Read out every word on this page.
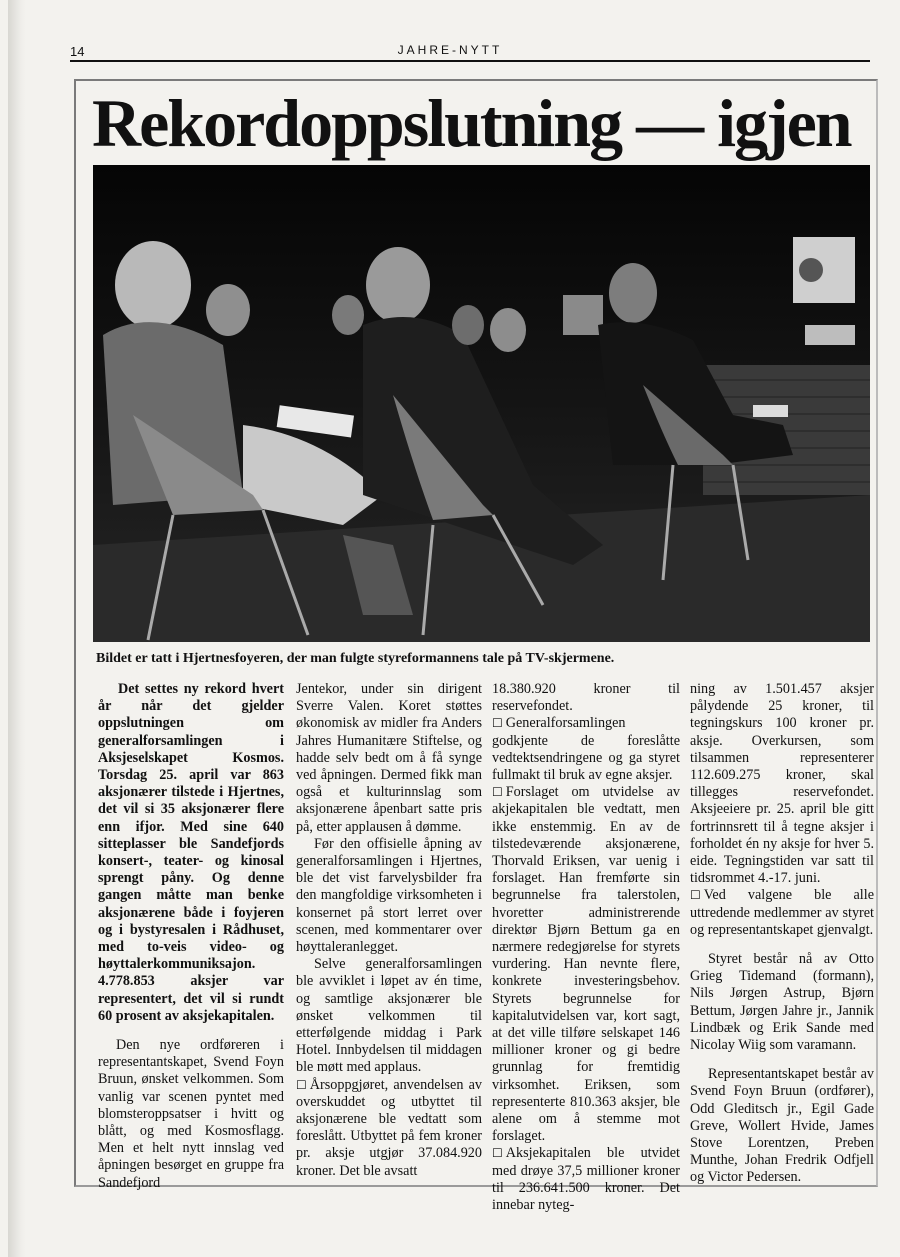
14	JAHRE-NYTT
Rekordoppslutning — igjen
Bildet er tatt i Hjertnesfoyeren, der man fulgte styreformannens tale på TV-skjermene.

Det settes ny rekord hvert år når det gjelder oppslutningen om generalforsamlingen i Aksjeselskapet Kosmos. Torsdag 25. april var 863 aksjonærer tilstede i Hjertnes, det vil si 35 aksjonærer flere enn ifjor. Med sine 640 sitteplasser ble Sandefjords konsert-, teater- og kinosal sprengt påny. Og denne gangen måtte man benke aksjonærene både i foyjeren og i bystyresalen i Rådhuset, med to-veis video- og høyttalerkommuniksajon. 4.778.853 aksjer var representert, det vil si rundt 60 prosent av aksjekapitalen.

Den nye ordføreren i representantskapet, Svend Foyn Bruun, ønsket velkommen. Som vanlig var scenen pyntet med blomsteroppsatser i hvitt og blått, og med Kosmosflagg. Men et helt nytt innslag ved åpningen besørget en gruppe fra Sandefjord

Jentekor, under sin dirigent Sverre Valen. Koret støttes økonomisk av midler fra Anders Jahres Humanitære Stiftelse, og hadde selv bedt om å få synge ved åpningen. Dermed fikk man også et kulturinnslag som aksjonærene åpenbart satte pris på, etter applausen å dømme.

Før den offisielle åpning av generalforsamlingen i Hjertnes, ble det vist farvelysbilder fra den mangfoldige virksomheten i konsernet på stort lerret over scenen, med kommentarer over høyttaleranlegget.

Selve generalforsamlingen ble avviklet i løpet av én time, og samtlige aksjonærer ble ønsket velkommen til etterfølgende middag i Park Hotel. Innbydelsen til middagen ble møtt med applaus.

☐ Årsoppgjøret, anvendelsen av overskuddet og utbyttet til aksjonærene ble vedtatt som foreslått. Utbyttet på fem kroner pr. aksje utgjør 37.084.920 kroner. Det ble avsatt

18.380.920 kroner til reservefondet.

☐ Generalforsamlingen godkjente de foreslåtte vedtektsendringene og ga styret fullmakt til bruk av egne aksjer.

☐ Forslaget om utvidelse av akjekapitalen ble vedtatt, men ikke enstemmig. En av de tilstedeværende aksjonærene, Thorvald Eriksen, var uenig i forslaget. Han fremførte sin begrunnelse fra talerstolen, hvoretter administrerende direktør Bjørn Bettum ga en nærmere redegjørelse for styrets vurdering. Han nevnte flere, konkrete investeringsbehov. Styrets begrunnelse for kapitalutvidelsen var, kort sagt, at det ville tilføre selskapet 146 millioner kroner og gi bedre grunnlag for fremtidig virksomhet. Eriksen, som representerte 810.363 aksjer, ble alene om å stemme mot forslaget.

☐ Aksjekapitalen ble utvidet med drøye 37,5 millioner kroner til 236.641.500 kroner. Det innebar nyteg-

ning av 1.501.457 aksjer pålydende 25 kroner, til tegningskurs 100 kroner pr. aksje. Overkursen, som tilsammen representerer 112.609.275 kroner, skal tillegges reservefondet. Aksjeeiere pr. 25. april ble gitt fortrinnsrett til å tegne aksjer i forholdet én ny aksje for hver 5. eide. Tegningstiden var satt til tidsrommet 4.-17. juni.

☐ Ved valgene ble alle uttredende medlemmer av styret og representantskapet gjenvalgt.

Styret består nå av Otto Grieg Tidemand (formann), Nils Jørgen Astrup, Bjørn Bettum, Jørgen Jahre jr., Jannik Lindbæk og Erik Sande med Nicolay Wiig som varamann.

Representantskapet består av Svend Foyn Bruun (ordfører), Odd Gleditsch jr., Egil Gade Greve, Wollert Hvide, James Stove Lorentzen, Preben Munthe, Johan Fredrik Odfjell og Victor Pedersen.
